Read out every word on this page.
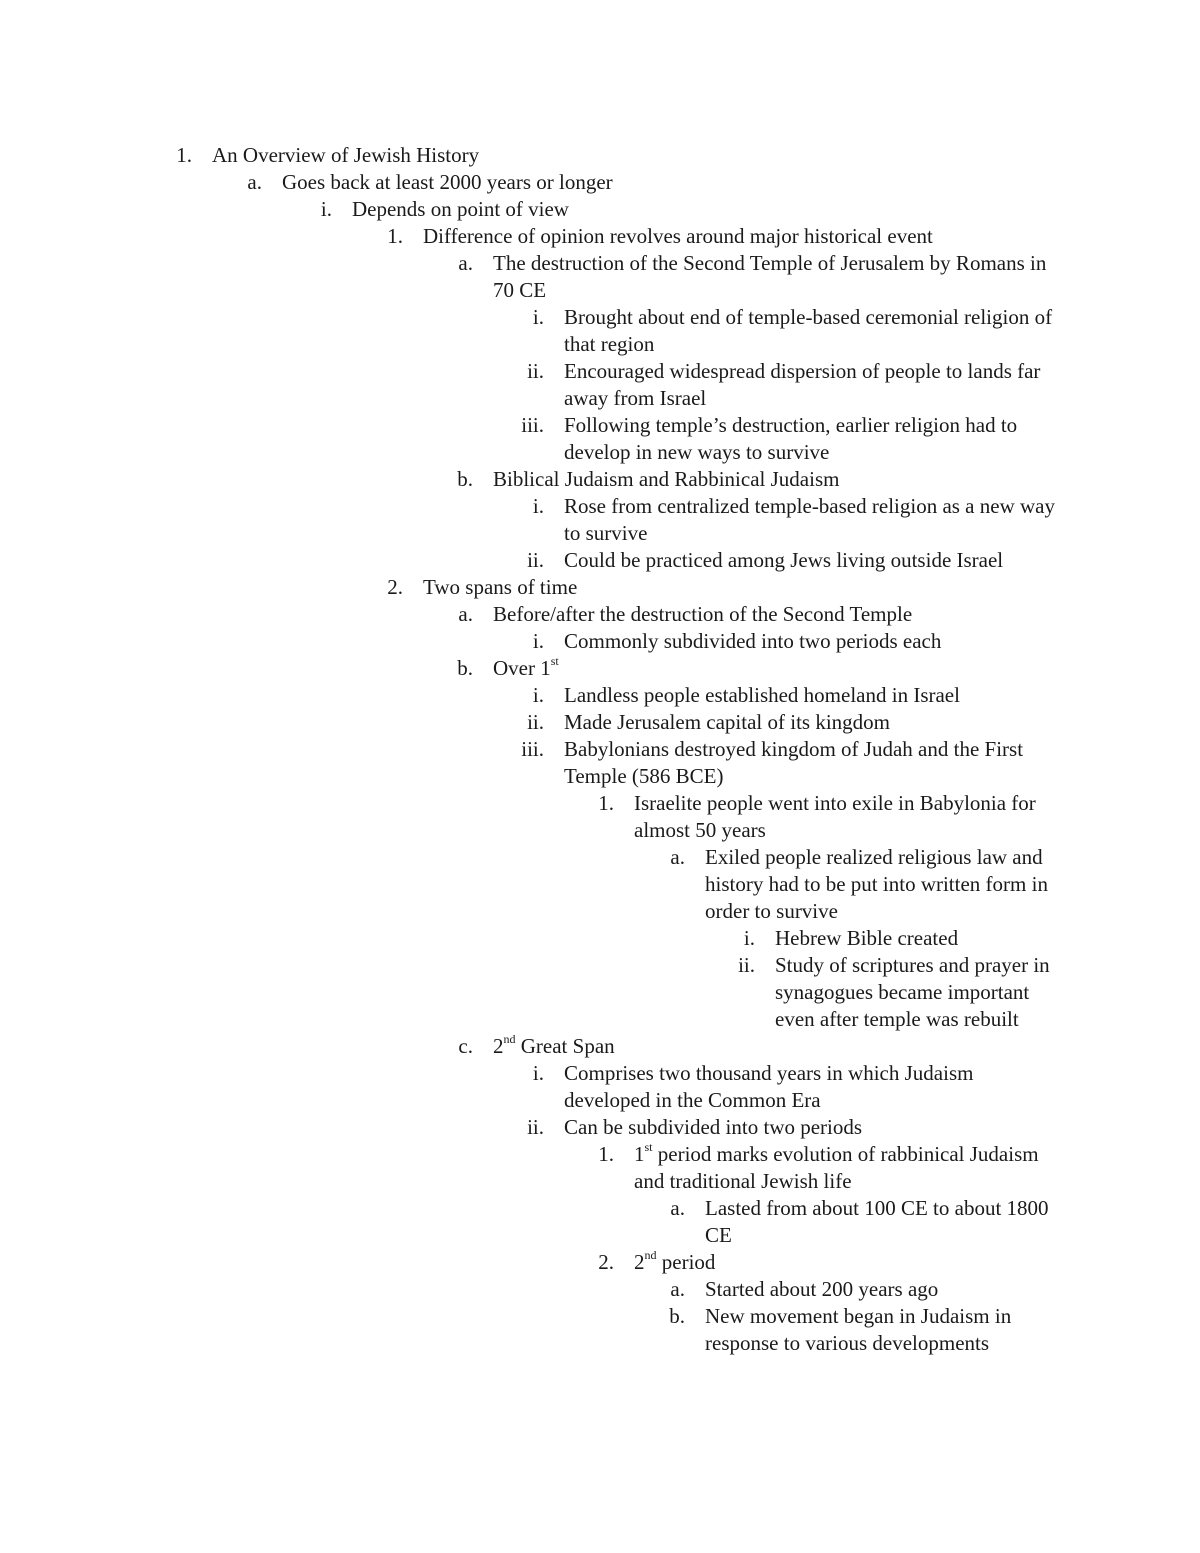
1. An Overview of Jewish History
a. Goes back at least 2000 years or longer
i. Depends on point of view
1. Difference of opinion revolves around major historical event
a. The destruction of the Second Temple of Jerusalem by Romans in 70 CE
i. Brought about end of temple-based ceremonial religion of that region
ii. Encouraged widespread dispersion of people to lands far away from Israel
iii. Following temple’s destruction, earlier religion had to develop in new ways to survive
b. Biblical Judaism and Rabbinical Judaism
i. Rose from centralized temple-based religion as a new way to survive
ii. Could be practiced among Jews living outside Israel
2. Two spans of time
a. Before/after the destruction of the Second Temple
i. Commonly subdivided into two periods each
b. Over 1st
i. Landless people established homeland in Israel
ii. Made Jerusalem capital of its kingdom
iii. Babylonians destroyed kingdom of Judah and the First Temple (586 BCE)
1. Israelite people went into exile in Babylonia for almost 50 years
a. Exiled people realized religious law and history had to be put into written form in order to survive
i. Hebrew Bible created
ii. Study of scriptures and prayer in synagogues became important even after temple was rebuilt
c. 2nd Great Span
i. Comprises two thousand years in which Judaism developed in the Common Era
ii. Can be subdivided into two periods
1. 1st period marks evolution of rabbinical Judaism and traditional Jewish life
a. Lasted from about 100 CE to about 1800 CE
2. 2nd period
a. Started about 200 years ago
b. New movement began in Judaism in response to various developments
